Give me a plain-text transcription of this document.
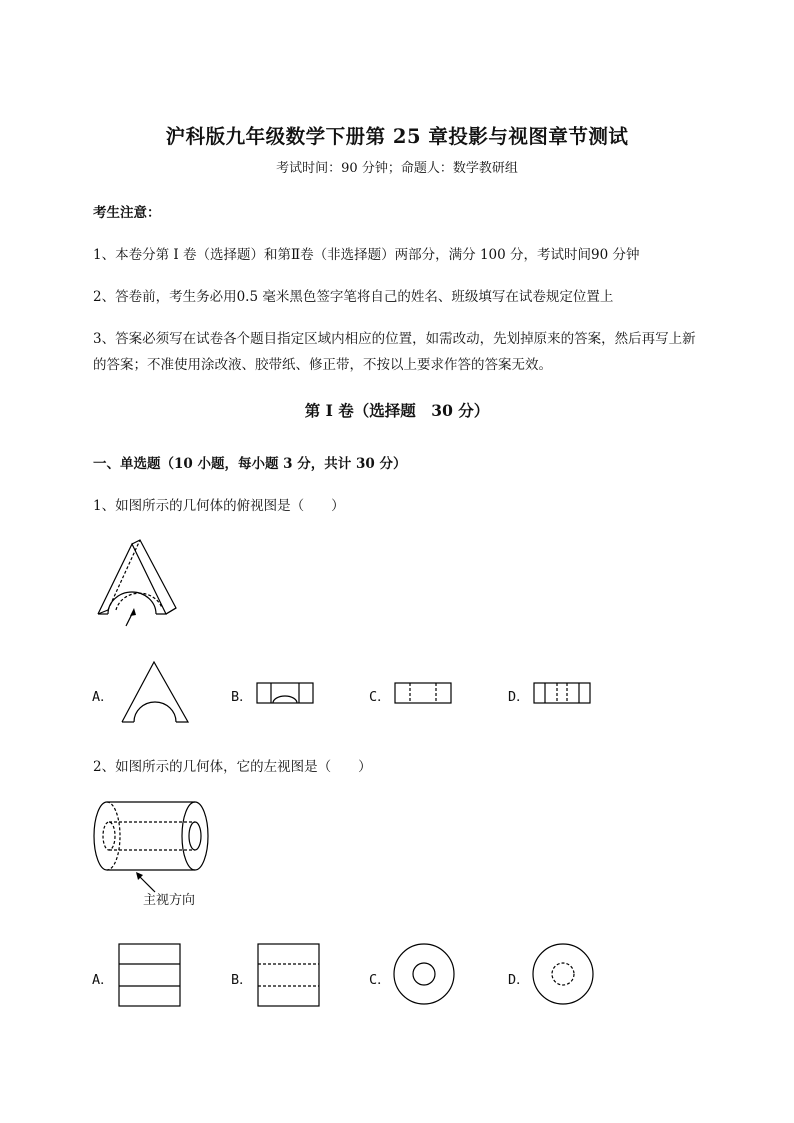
沪科版九年级数学下册第 25 章投影与视图章节测试
考试时间：90 分钟；命题人：数学教研组
考生注意：
1、本卷分第 I 卷（选择题）和第Ⅱ卷（非选择题）两部分，满分 100 分，考试时间90 分钟
2、答卷前，考生务必用0.5 毫米黑色签字笔将自己的姓名、班级填写在试卷规定位置上
3、答案必须写在试卷各个题目指定区域内相应的位置，如需改动，先划掉原来的答案，然后再写上新
的答案；不准使用涂改液、胶带纸、修正带，不按以上要求作答的答案无效。
第 I 卷（选择题　30 分）
一、单选题（10 小题，每小题 3 分，共计 30 分）
1、如图所示的几何体的俯视图是（　　）
A．	B．	C．	D．
2、如图所示的几何体，它的左视图是（　　）
主视方向
A．	B．	C．	D．
